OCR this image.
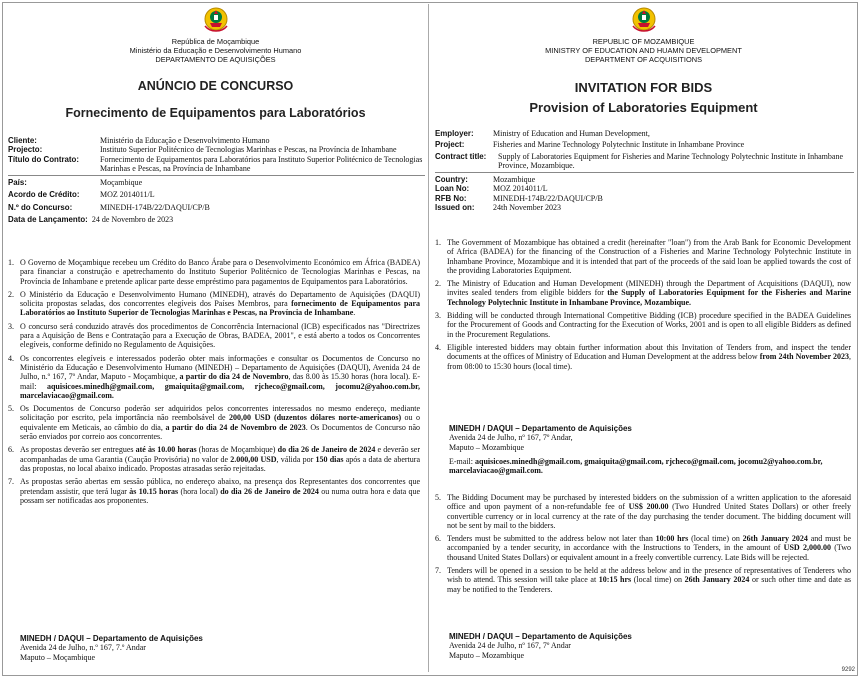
República de Moçambique
Ministério da Educação e Desenvolvimento Humano
DEPARTAMENTO DE AQUISIÇÕES
ANÚNCIO DE CONCURSO
Fornecimento de Equipamentos para Laboratórios
Cliente:	Ministério da Educação e Desenvolvimento Humano
Projecto:	Instituto Superior Politécnico de Tecnologias Marinhas e Pescas, na Província de Inhambane
Título do Contrato:	Fornecimento de Equipamentos para Laboratórios para Instituto Superior Politécnico de Tecnologias Marinhas e Pescas, na Província de Inhambane
País:	Moçambique
Acordo de Crédito:	MOZ 2014011/L
N.º do Concurso:	MINEDH-174B/22/DAQUI/CP/B
Data de Lançamento: 24 de Novembro de 2023
1. O Governo de Moçambique recebeu um Crédito do Banco Árabe para o Desenvolvimento Económico em África (BADEA) para financiar a construção e apetrechamento do Instituto Superior Politécnico de Tecnologias Marinhas e Pescas, na Província de Inhambane e pretende aplicar parte desse empréstimo para pagamentos de Equipamentos para Laboratórios.
2. O Ministério da Educação e Desenvolvimento Humano (MINEDH), através do Departamento de Aquisições (DAQUI) solicita propostas seladas, dos concorrentes elegíveis dos Países Membros, para fornecimento de Equipamentos para Laboratórios ao Instituto Superior de Tecnologias Marinhas e Pescas, na Província de Inhambane.
3. O concurso será conduzido através dos procedimentos de Concorrência Internacional (ICB) especificados nas "Directrizes para a Aquisição de Bens e Contratação para a Execução de Obras, BADEA, 2001", e está aberto a todos os Concorrentes elegíveis, conforme definido no Regulamento de Aquisições.
4. Os concorrentes elegíveis e interessados poderão obter mais informações e consultar os Documentos de Concurso no Ministério da Educação e Desenvolvimento Humano (MINEDH) – Departamento de Aquisições (DAQUI), Avenida 24 de Julho, n.º 167, 7º Andar, Maputo - Moçambique, a partir do dia 24 de Novembro, das 8.00 às 15.30 horas (hora local). E-mail: aquisicoes.minedh@gmail.com, gmaiquita@gmail.com, rjcheco@gmail.com, jocomu2@yahoo.com.br, marcelaviacao@gmail.com.
5. Os Documentos de Concurso poderão ser adquiridos pelos concorrentes interessados no mesmo endereço, mediante solicitação por escrito, pela importância não reembolsável de 200,00 USD (duzentos dólares norte-americanos) ou o equivalente em Meticais, ao câmbio do dia, a partir do dia 24 de Novembro de 2023. Os Documentos de Concurso não serão enviados por correio aos concorrentes.
6. As propostas deverão ser entregues até às 10.00 horas (horas de Moçambique) do dia 26 de Janeiro de 2024 e deverão ser acompanhadas de uma Garantia (Caução Provisória) no valor de 2.000,00 USD, válida por 150 dias após a data de abertura das propostas, no local abaixo indicado. Propostas atrasadas serão rejeitadas.
7. As propostas serão abertas em sessão pública, no endereço abaixo, na presença dos Representantes dos concorrentes que pretendam assistir, que terá lugar às 10.15 horas (hora local) do dia 26 de Janeiro de 2024 ou numa outra hora e data que possam ser notificadas aos proponentes.
MINEDH / DAQUI – Departamento de Aquisições
Avenida 24 de Julho, n.º 167, 7.º Andar
Maputo – Moçambique
REPUBLIC OF MOZAMBIQUE
MINISTRY OF EDUCATION AND HUAMN DEVELOPMENT
DEPARTMENT OF ACQUISITIONS
INVITATION FOR BIDS
Provision of Laboratories Equipment
Employer:	Ministry of Education and Human Development,
Project:	Fisheries and Marine Technology Polytechnic Institute in Inhambane Province
Contract title:	Supply of Laboratories Equipment for Fisheries and Marine Technology Polytechnic Institute in Inhambane Province, Mozambique.
Country:	Mozambique
Loan No:	MOZ 2014011/L
RFB No:	MINEDH-174B/22/DAQUI/CP/B
Issued on:	24th November 2023
1. The Government of Mozambique has obtained a credit (hereinafter "loan") from the Arab Bank for Economic Development of Africa (BADEA) for the financing of the Construction of a Fisheries and Marine Technology Polytechnic Institute in Inhambane Province, Mozambique and it is intended that part of the proceeds of the said loan be applied towards the cost of the providing Laboratories Equipment.
2. The Ministry of Education and Human Development (MINEDH) through the Department of Acquisitions (DAQUI), now invites sealed tenders from eligible bidders for the Supply of Laboratories Equipment for the Fisheries and Marine Technology Polytechnic Institute in Inhambane Province, Mozambique.
3. Bidding will be conducted through International Competitive Bidding (ICB) procedure specified in the BADEA Guidelines for the Procurement of Goods and Contracting for the Execution of Works, 2001 and is open to all eligible Bidders as defined in the Procurement Regulations.
4. Eligible interested bidders may obtain further information about this Invitation of Tenders from, and inspect the tender documents at the offices of Ministry of Education and Human Development at the address below from 24th November 2023, from 08:00 to 15:30 hours (local time).
MINEDH / DAQUI – Departamento de Aquisições
Avenida 24 de Julho, nº 167, 7º Andar,
Maputo – Mozambique
E-mail: aquisicoes.minedh@gmail.com, gmaiquita@gmail.com, rjcheco@gmail.com, jocomu2@yahoo.com.br, marcelaviacao@gmail.com.
5. The Bidding Document may be purchased by interested bidders on the submission of a written application to the aforesaid office and upon payment of a non-refundable fee of US$ 200.00 (Two Hundred United States Dollars) or other freely convertible currency or in local currency at the rate of the day purchasing the tender document. The bidding document will not be sent by mail to the bidders.
6. Tenders must be submitted to the address below not later than 10:00 hrs (local time) on 26th January 2024 and must be accompanied by a tender security, in accordance with the Instructions to Tenders, in the amount of USD 2,000.00 (Two thousand United States Dollars) or equivalent amount in a freely convertible currency. Late Bids will be rejected.
7. Tenders will be opened in a session to be held at the address below and in the presence of representatives of Tenderers who wish to attend. This session will take place at 10:15 hrs (local time) on 26th January 2024 or such other time and date as may be notified to the Tenderers.
MINEDH / DAQUI – Departamento de Aquisições
Avenida 24 de Julho, nº 167, 7º Andar
Maputo – Mozambique
9292
